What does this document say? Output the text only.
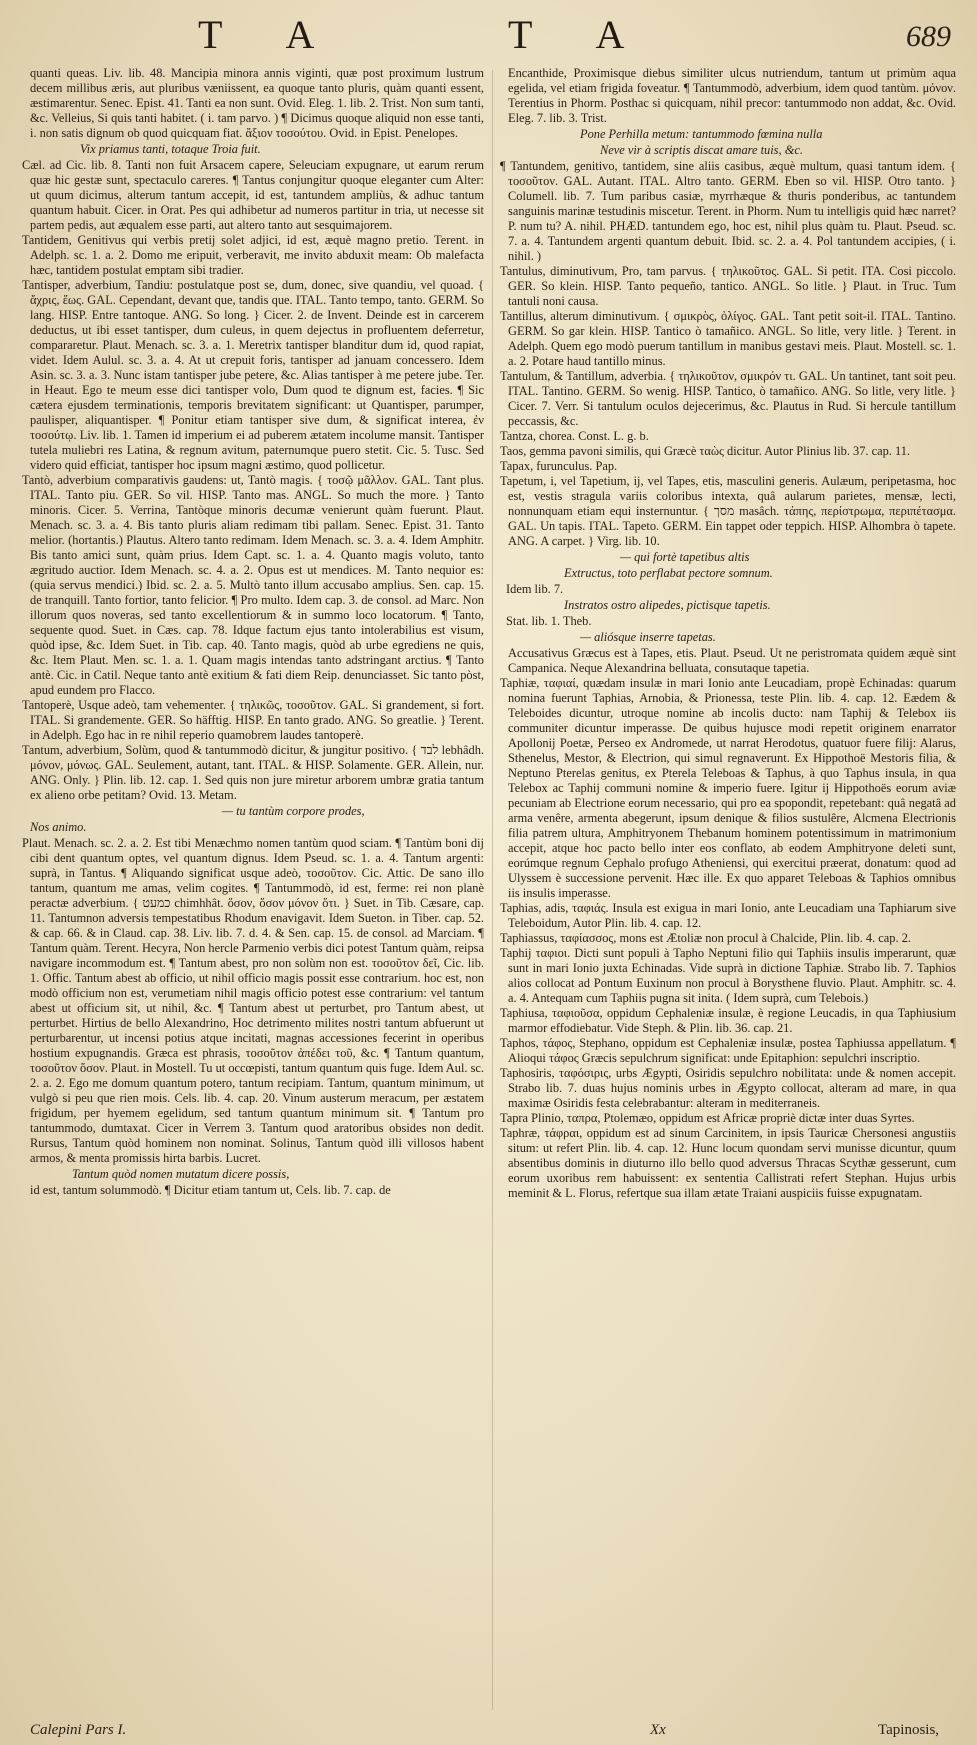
T A	T A	689

quanti queas. Liv. lib. 48. Mancipia minora annis viginti, quæ post proximum lustrum decem millibus æris, aut pluribus væniissent, ea quoque tanto pluris, quàm quanti essent, æstimarentur. Senec. Epist. 41. Tanti ea non sunt. Ovid. Eleg. 1. lib. 2. Trist. Non sum tanti, &c. Velleius, Si quis tanti habitet. ( i. tam parvo. ) ¶ Dicimus quoque aliquid non esse tanti, i. non satis dignum ob quod quicquam fiat. ἄξιον τοσούτου. Ovid. in Epist. Penelopes.

Vix priamus tanti, totaque Troia fuit.

Cæl. ad Cic. lib. 8. Tanti non fuit Arsacem capere, Seleuciam expugnare, ut earum rerum quæ hic gestæ sunt, spectaculo careres. ¶ Tantus conjungitur quoque eleganter cum Alter: ut quum dicimus, alterum tantum accepit, id est, tantundem ampliùs, & adhuc tantum quantum habuit. Cicer. in Orat. Pes qui adhibetur ad numeros partitur in tria, ut necesse sit partem pedis, aut æqualem esse parti, aut altero tanto aut sesquimajorem.

Tantidem, Genitivus qui verbis pretij solet adjici, id est, æquè magno pretio. Terent. in Adelph. sc. 1. a. 2. Domo me eripuit, verberavit, me invito abduxit meam: Ob malefacta hæc, tantidem postulat emptam sibi tradier.

Tantisper, adverbium, Tandiu: postulatque post se, dum, donec, sive quandiu, vel quoad. { ἄχρις, ἕως. GAL. Cependant, devant que, tandis que. ITAL. Tanto tempo, tanto. GERM. So lang. HISP. Entre tantoque. ANG. So long. } Cicer. 2. de Invent. Deinde est in carcerem deductus, ut ibi esset tantisper, dum culeus, in quem dejectus in profluentem deferretur, compararetur. Plaut. Menach. sc. 3. a. 1. Meretrix tantisper blanditur dum id, quod rapiat, videt. Idem Aulul. sc. 3. a. 4. At ut crepuit foris, tantisper ad januam concessero. Idem Asin. sc. 3. a. 3. Nunc istam tantisper jube petere, &c. Alias tantisper à me petere jube. Ter. in Heaut. Ego te meum esse dici tantisper volo, Dum quod te dignum est, facies. ¶ Sic cætera ejusdem terminationis, temporis brevitatem significant: ut Quantisper, parumper, paulisper, aliquantisper. ¶ Ponitur etiam tantisper sive dum, & significat interea, ἐν τοσούτῳ. Liv. lib. 1. Tamen id imperium ei ad puberem ætatem incolume mansit. Tantisper tutela muliebri res Latina, & regnum avitum, paternumque puero stetit. Cic. 5. Tusc. Sed videro quid efficiat, tantisper hoc ipsum magni æstimo, quod pollicetur.

Tantò, adverbium comparativis gaudens: ut, Tantò magis. { τοσῷ μᾶλλον. GAL. Tant plus. ITAL. Tanto piu. GER. So vil. HISP. Tanto mas. ANGL. So much the more. } Tanto minoris. Cicer. 5. Verrina, Tantòque minoris decumæ venierunt quàm fuerunt. Plaut. Menach. sc. 3. a. 4. Bis tanto pluris aliam redimam tibi pallam. Senec. Epist. 31. Tanto melior. (hortantis.) Plautus. Altero tanto redimam. Idem Menach. sc. 3. a. 4. Idem Amphitr. Bis tanto amici sunt, quàm prius. Idem Capt. sc. 1. a. 4. Quanto magis voluto, tanto ægritudo auctior. Idem Menach. sc. 4. a. 2. Opus est ut mendices. M. Tanto nequior es: (quia servus mendici.) Ibid. sc. 2. a. 5. Multò tanto illum accusabo amplius. Sen. cap. 15. de tranquill. Tanto fortior, tanto felicior. ¶ Pro multo. Idem cap. 3. de consol. ad Marc. Non illorum quos noveras, sed tanto excellentiorum & in summo loco locatorum. ¶ Tanto, sequente quod. Suet. in Cæs. cap. 78. Idque factum ejus tanto intolerabilius est visum, quòd ipse, &c. Idem Suet. in Tib. cap. 40. Tanto magis, quòd ab urbe egrediens ne quis, &c. Item Plaut. Men. sc. 1. a. 1. Quam magis intendas tanto adstringant arctius. ¶ Tanto antè. Cic. in Catil. Neque tanto antè exitium & fati diem Reip. denunciasset. Sic tanto pòst, apud eundem pro Flacco.

Tantoperè, Usque adeò, tam vehementer. { τηλικῶς, τοσοῦτον. GAL. Si grandement, si fort. ITAL. Si grandemente. GER. So häfftig. HISP. En tanto grado. ANG. So greatlie. } Terent. in Adelph. Ego hac in re nihil reperio quamobrem laudes tantoperè.

Tantum, adverbium, Solùm, quod & tantummodò dicitur, & jungitur positivo. { לבד lebhâdh. μόνον, μόνως. GAL. Seulement, autant, tant. ITAL. & HISP. Solamente. GER. Allein, nur. ANG. Only. } Plin. lib. 12. cap. 1. Sed quis non jure miretur arborem umbræ gratia tantum ex alieno orbe petitam? Ovid. 13. Metam.

— tu tantùm corpore prodes,

Nos animo.

Plaut. Menach. sc. 2. a. 2. Est tibi Menæchmo nomen tantùm quod sciam. ¶ Tantùm boni dij cibi dent quantum optes, vel quantum dignus. Idem Pseud. sc. 1. a. 4. Tantum argenti: suprà, in Tantus. ¶ Aliquando significat usque adeò, τοσοῦτον. Cic. Attic. De sano illo tantum, quantum me amas, velim cogites. ¶ Tantummodò, id est, ferme: rei non planè peractæ adverbium. { כמעט chimhhât. ὅσον, ὅσον μόνον ὅτι. } Suet. in Tib. Cæsare, cap. 11. Tantumnon adversis tempestatibus Rhodum enavigavit. Idem Sueton. in Tiber. cap. 52. & cap. 66. & in Claud. cap. 38. Liv. lib. 7. d. 4. & Sen. cap. 15. de consol. ad Marciam. ¶ Tantum quàm. Terent. Hecyra, Non hercle Parmenio verbis dici potest Tantum quàm, reipsa navigare incommodum est. ¶ Tantum abest, pro non solùm non est. τοσοῦτον δεῖ, Cic. lib. 1. Offic. Tantum abest ab officio, ut nihil officio magis possit esse contrarium. hoc est, non modò officium non est, verumetiam nihil magis officio potest esse contrarium: vel tantum abest ut officium sit, ut nihil, &c. ¶ Tantum abest ut perturbet, pro Tantum abest, ut perturbet. Hirtius de bello Alexandrino, Hoc detrimento milites nostri tantum abfuerunt ut perturbarentur, ut incensi potius atque incitati, magnas accessiones fecerint in operibus hostium expugnandis. Græca est phrasis, τοσοῦτον ἀπέδει τοῦ, &c. ¶ Tantum quantum, τοσοῦτον ὅσον. Plaut. in Mostell. Tu ut occœpisti, tantum quantum quis fuge. Idem Aul. sc. 2. a. 2. Ego me domum quantum potero, tantum recipiam. Tantum, quantum minimum, ut vulgò si peu que rien mois. Cels. lib. 4. cap. 20. Vinum austerum meracum, per æstatem frigidum, per hyemem egelidum, sed tantum quantum minimum sit. ¶ Tantum pro tantummodo, dumtaxat. Cicer in Verrem 3. Tantum quod aratoribus obsides non dedit. Rursus, Tantum quòd hominem non nominat. Solinus, Tantum quòd illi villosos habent armos, & menta promissis hirta barbis. Lucret.

Tantum quòd nomen mutatum dicere possis,

id est, tantum solummodò. ¶ Dicitur etiam tantum ut, Cels. lib. 7. cap. de

Encanthide, Proximisque diebus similiter ulcus nutriendum, tantum ut primùm aqua egelida, vel etiam frigida foveatur. ¶ Tantummodò, adverbium, idem quod tantùm. μόνον. Terentius in Phorm. Posthac si quicquam, nihil precor: tantummodo non addat, &c. Ovid. Eleg. 7. lib. 3. Trist.

Pone Perhilla metum: tantummodo fœmina nulla

Neve vir à scriptis discat amare tuis, &c.

¶ Tantundem, genitivo, tantidem, sine aliis casibus, æquè multum, quasi tantum idem. { τοσοῦτον. GAL. Autant. ITAL. Altro tanto. GERM. Eben so vil. HISP. Otro tanto. } Columell. lib. 7. Tum paribus casiæ, myrrhæque & thuris ponderibus, ac tantundem sanguinis marinæ testudinis miscetur. Terent. in Phorm. Num tu intelligis quid hæc narret? P. num tu? A. nihil. PHÆD. tantundem ego, hoc est, nihil plus quàm tu. Plaut. Pseud. sc. 7. a. 4. Tantundem argenti quantum debuit. Ibid. sc. 2. a. 4. Pol tantundem accipies, ( i. nihil. )

Tantulus, diminutivum, Pro, tam parvus. { τηλικοῦτος. GAL. Si petit. ITA. Cosi piccolo. GER. So klein. HISP. Tanto pequeño, tantico. ANGL. So litle. } Plaut. in Truc. Tum tantuli noni causa.

Tantillus, alterum diminutivum. { σμικρὸς, ὀλίγος. GAL. Tant petit soit-il. ITAL. Tantino. GERM. So gar klein. HISP. Tantico ò tamañico. ANGL. So litle, very litle. } Terent. in Adelph. Quem ego modò puerum tantillum in manibus gestavi meis. Plaut. Mostell. sc. 1. a. 2. Potare haud tantillo minus.

Tantulum, & Tantillum, adverbia. { τηλικοῦτον, σμικρόν τι. GAL. Un tantinet, tant soit peu. ITAL. Tantino. GERM. So wenig. HISP. Tantico, ò tamañico. ANG. So litle, very litle. } Cicer. 7. Verr. Si tantulum oculos dejecerimus, &c. Plautus in Rud. Si hercule tantillum peccassis, &c.

Tantza, chorea. Const. L. g. b.

Taos, gemma pavoni similis, qui Græcè ταὼς dicitur. Autor Plinius lib. 37. cap. 11.

Tapax, furunculus. Pap.

Tapetum, i, vel Tapetium, ij, vel Tapes, etis, masculini generis. Aulæum, peripetasma, hoc est, vestis stragula variis coloribus intexta, quâ aularum parietes, mensæ, lecti, nonnunquam etiam equi insternuntur. { מסך masâch. τάπης, περίστρωμα, περιπέτασμα. GAL. Un tapis. ITAL. Tapeto. GERM. Ein tappet oder teppich. HISP. Alhombra ò tapete. ANG. A carpet. } Virg. lib. 10.

— qui fortè tapetibus altis

Extructus, toto perflabat pectore somnum.

Idem lib. 7.

Instratos ostro alipedes, pictisque tapetis.

Stat. lib. 1. Theb.

— aliósque inserre tapetas.

Accusativus Græcus est à Tapes, etis. Plaut. Pseud. Ut ne peristromata quidem æquè sint Campanica. Neque Alexandrina belluata, consutaque tapetia.

Taphiæ, ταφιαί, quædam insulæ in mari Ionio ante Leucadiam, propè Echinadas: quarum nomina fuerunt Taphias, Arnobia, & Prionessa, teste Plin. lib. 4. cap. 12. Eædem & Teleboides dicuntur, utroque nomine ab incolis ducto: nam Taphij & Telebox iis communiter dicuntur imperasse. De quibus hujusce modi repetit originem enarrator Apollonij Poetæ, Perseo ex Andromede, ut narrat Herodotus, quatuor fuere filij: Alarus, Sthenelus, Mestor, & Electrion, qui simul regnaverunt. Ex Hippothoë Mestoris filia, & Neptuno Pterelas genitus, ex Pterela Teleboas & Taphus, à quo Taphus insula, in qua Telebox ac Taphij communi nomine & imperio fuere. Igitur ij Hippothoës eorum aviæ pecuniam ab Electrione eorum necessario, qui pro ea spopondit, repetebant: quâ negatâ ad arma venêre, armenta abegerunt, ipsum denique & filios sustulêre, Alcmena Electrionis filia patrem ultura, Amphitryonem Thebanum hominem potentissimum in matrimonium accepit, atque hoc pacto bello inter eos conflato, ab eodem Amphitryone deleti sunt, eorúmque regnum Cephalo profugo Atheniensi, qui exercitui præerat, donatum: quod ad Ulyssem è successione pervenit. Hæc ille. Ex quo apparet Teleboas & Taphios omnibus iis insulis imperasse.

Taphias, adis, ταφιάς. Insula est exigua in mari Ionio, ante Leucadiam una Taphiarum sive Teleboidum, Autor Plin. lib. 4. cap. 12.

Taphiassus, ταφίασσος, mons est Ætoliæ non procul à Chalcide, Plin. lib. 4. cap. 2.

Taphij ταφιοι. Dicti sunt populi à Tapho Neptuni filio qui Taphiis insulis imperarunt, quæ sunt in mari Ionio juxta Echinadas. Vide suprà in dictione Taphiæ. Strabo lib. 7. Taphios alios collocat ad Pontum Euxinum non procul à Borysthene fluvio. Plaut. Amphitr. sc. 4. a. 4. Antequam cum Taphiis pugna sit inita. ( Idem suprà, cum Telebois.)

Taphiusa, ταφιοῦσα, oppidum Cephaleniæ insulæ, è regione Leucadis, in qua Taphiusium marmor effodiebatur. Vide Steph. & Plin. lib. 36. cap. 21.

Taphos, τάφος, Stephano, oppidum est Cephaleniæ insulæ, postea Taphiussa appellatum. ¶ Alioqui τάφος Græcis sepulchrum significat: unde Epitaphion: sepulchri inscriptio.

Taphosiris, ταφόσιρις, urbs Ægypti, Osiridis sepulchro nobilitata: unde & nomen accepit. Strabo lib. 7. duas hujus nominis urbes in Ægypto collocat, alteram ad mare, in qua maximæ Osiridis festa celebrabantur: alteram in mediterraneis.

Tapra Plinio, ταπρα, Ptolemæo, oppidum est Africæ propriè dictæ inter duas Syrtes.

Taphræ, τάφραι, oppidum est ad sinum Carcinitem, in ipsis Tauricæ Chersonesi angustiis situm: ut refert Plin. lib. 4. cap. 12. Hunc locum quondam servi munisse dicuntur, quum absentibus dominis in diuturno illo bello quod adversus Thracas Scythæ gesserunt, cum eorum uxoribus rem habuissent: ex sententia Callistrati refert Stephan. Hujus urbis meminit & L. Florus, refertque sua illam ætate Traiani auspiciis fuisse expugnatam.

Calepini Pars I.	Xx	Tapinosis,
